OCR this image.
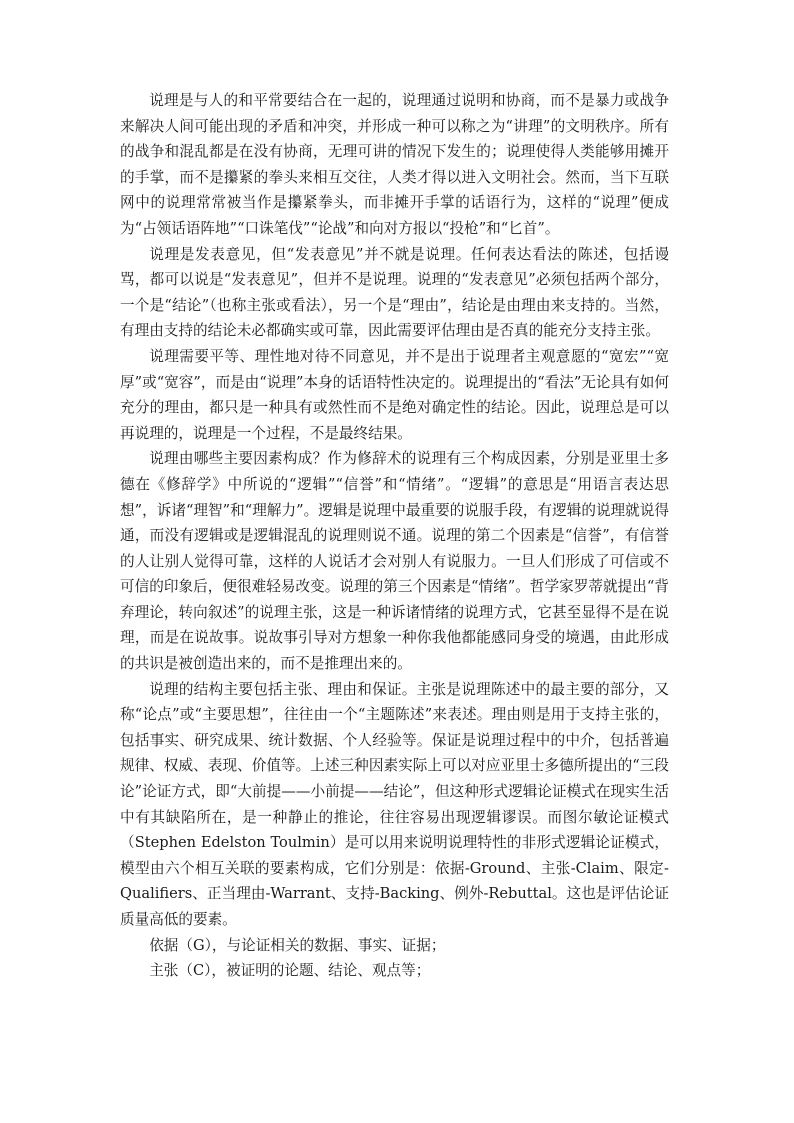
说理是与人的和平常要结合在一起的，说理通过说明和协商，而不是暴力或战争来解决人间可能出现的矛盾和冲突，并形成一种可以称之为“讲理”的文明秩序。所有的战争和混乱都是在没有协商，无理可讲的情况下发生的；说理使得人类能够用摊开的手掌，而不是攥紧的拳头来相互交往，人类才得以进入文明社会。然而，当下互联网中的说理常常被当作是攥紧拳头，而非摊开手掌的话语行为，这样的“说理”便成为“占领话语阵地”“口诛笔伐”“论战”和向对方报以“投枪”和“匕首”。

说理是发表意见，但“发表意见”并不就是说理。任何表达看法的陈述，包括谩骂，都可以说是“发表意见”，但并不是说理。说理的“发表意见”必须包括两个部分，一个是“结论”（也称主张或看法），另一个是“理由”，结论是由理由来支持的。当然，有理由支持的结论未必都确实或可靠，因此需要评估理由是否真的能充分支持主张。

说理需要平等、理性地对待不同意见，并不是出于说理者主观意愿的“宽宏”“宽厚”或“宽容”，而是由“说理”本身的话语特性决定的。说理提出的“看法”无论具有如何充分的理由，都只是一种具有或然性而不是绝对确定性的结论。因此，说理总是可以再说理的，说理是一个过程，不是最终结果。

说理由哪些主要因素构成？作为修辞术的说理有三个构成因素，分别是亚里士多德在《修辞学》中所说的“逻辑”“信誉”和“情绪”。“逻辑”的意思是“用语言表达思想”，诉诸“理智”和“理解力”。逻辑是说理中最重要的说服手段，有逻辑的说理就说得通，而没有逻辑或是逻辑混乱的说理则说不通。说理的第二个因素是“信誉”，有信誉的人让别人觉得可靠，这样的人说话才会对别人有说服力。一旦人们形成了可信或不可信的印象后，便很难轻易改变。说理的第三个因素是“情绪”。哲学家罗蒂就提出“背弃理论，转向叙述”的说理主张，这是一种诉诸情绪的说理方式，它甚至显得不是在说理，而是在说故事。说故事引导对方想象一种你我他都能感同身受的境遇，由此形成的共识是被创造出来的，而不是推理出来的。

说理的结构主要包括主张、理由和保证。主张是说理陈述中的最主要的部分，又称“论点”或“主要思想”，往往由一个“主题陈述”来表述。理由则是用于支持主张的，包括事实、研究成果、统计数据、个人经验等。保证是说理过程中的中介，包括普遍规律、权威、表现、价值等。上述三种因素实际上可以对应亚里士多德所提出的“三段论”论证方式，即“大前提——小前提——结论”，但这种形式逻辑论证模式在现实生活中有其缺陷所在，是一种静止的推论，往往容易出现逻辑谬误。而图尔敏论证模式（Stephen Edelston Toulmin）是可以用来说明说理特性的非形式逻辑论证模式，模型由六个相互关联的要素构成，它们分别是：依据-Ground、主张-Claim、限定-Qualifiers、正当理由-Warrant、支持-Backing、例外-Rebuttal。这也是评估论证质量高低的要素。

依据（G），与论证相关的数据、事实、证据；

主张（C），被证明的论题、结论、观点等；
